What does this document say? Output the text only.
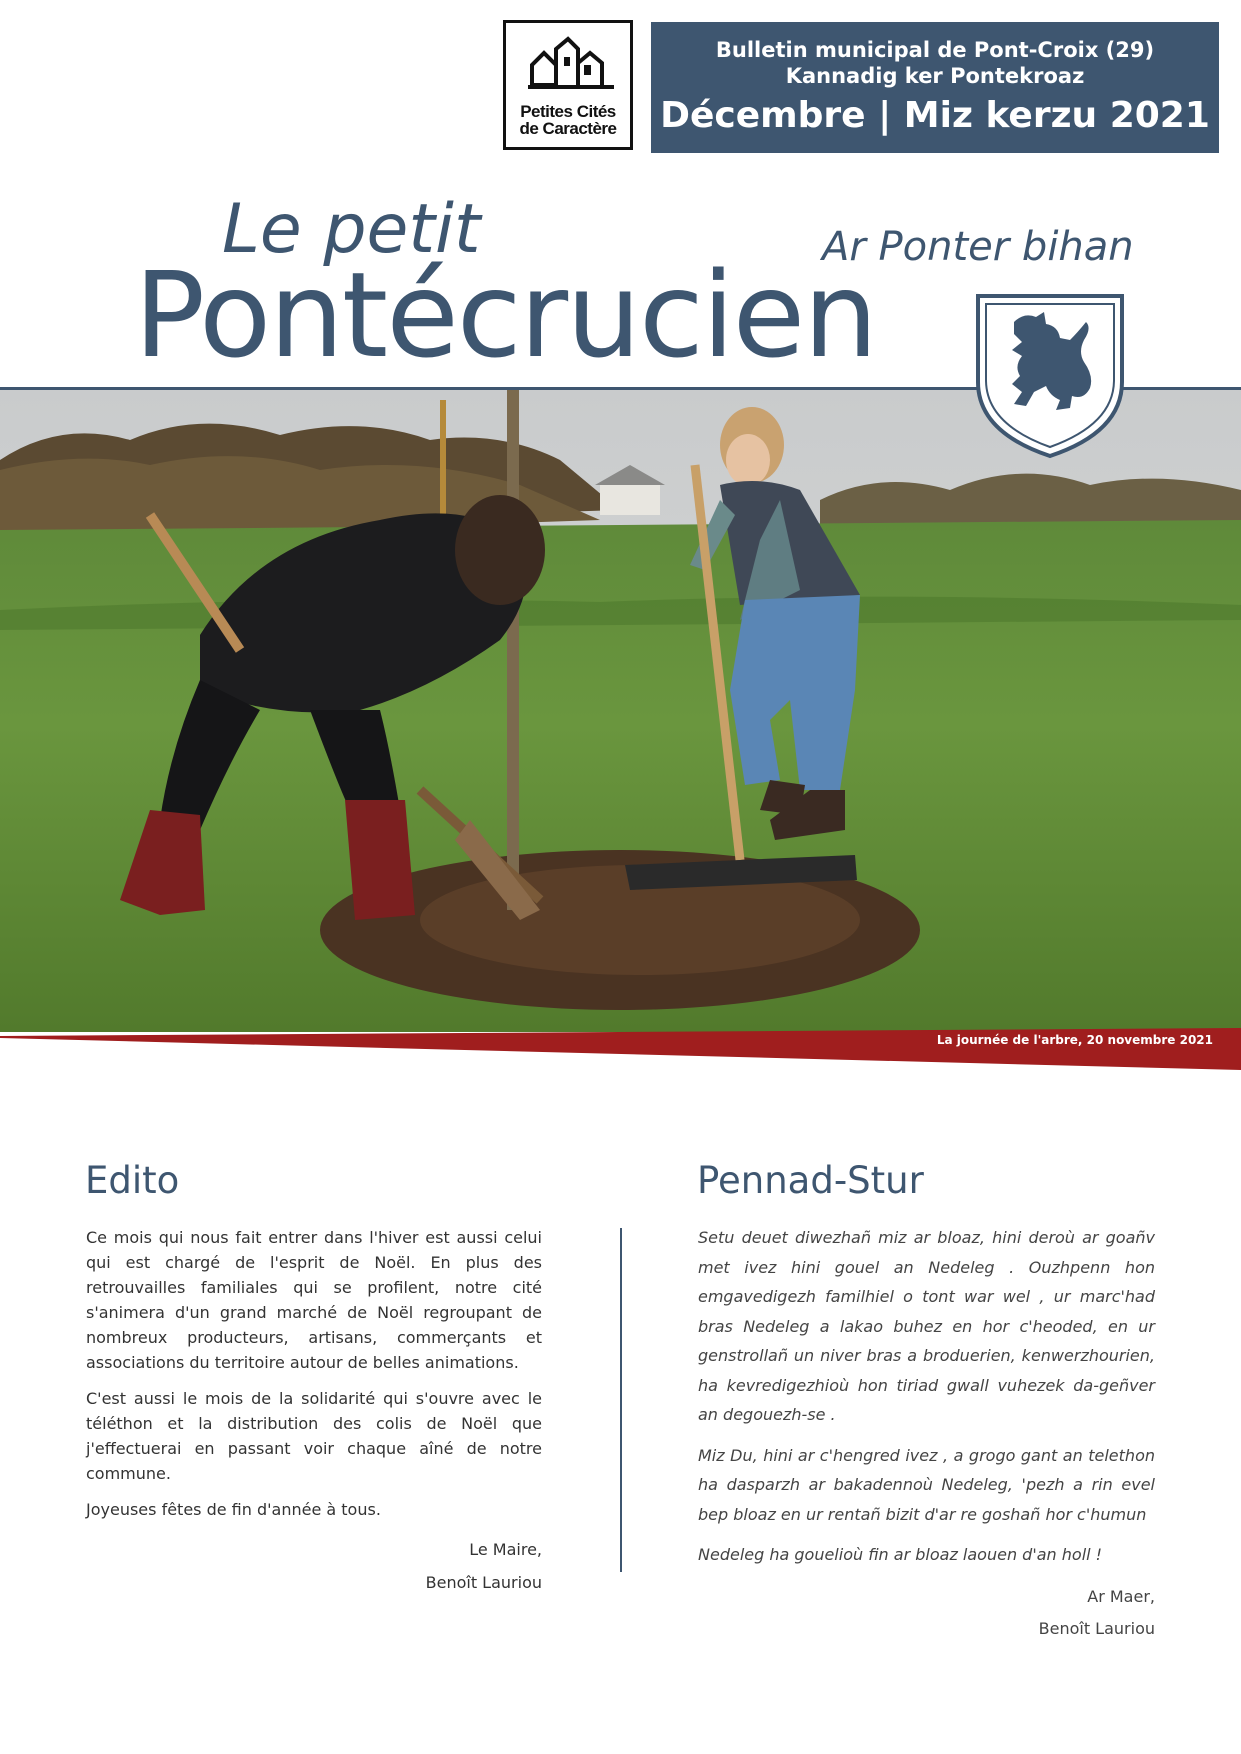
Petites Cités
de Caractère
Bulletin municipal de Pont-Croix (29)
Kannadig ker Pontekroaz
Décembre | Miz kerzu 2021
Le petit	Ar Ponter bihan
Pontécrucien
La journée de l'arbre, 20 novembre 2021
Edito

Ce mois qui nous fait entrer dans l'hiver est aussi celui qui est chargé de l'esprit de Noël. En plus des retrouvailles familiales qui se profilent, notre cité s'animera d'un grand marché de Noël regroupant de nombreux producteurs, artisans, commerçants et associations du territoire autour de belles animations.

C'est aussi le mois de la solidarité qui s'ouvre avec le téléthon et la distribution des colis de Noël que j'effectuerai en passant voir chaque aîné de notre commune.

Joyeuses fêtes de fin d'année à tous.

Le Maire,
Benoît Lauriou
Pennad-Stur

Setu deuet diwezhañ miz ar bloaz, hini deroù ar goañv met ivez hini gouel an Nedeleg . Ouzhpenn hon emgavedigezh familhiel o tont war wel , ur marc'had bras Nedeleg a lakao buhez en hor c'heoded, en ur genstrollañ un niver bras a broduerien, kenwerzhourien, ha kevredigezhioù hon tiriad gwall vuhezek da-geñver an degouezh-se .

Miz Du, hini ar c'hengred ivez , a grogo gant an telethon ha dasparzh ar bakadennoù Nedeleg, 'pezh a rin evel bep bloaz en ur rentañ bizit d'ar re goshañ hor c'humun

Nedeleg ha gouelioù fin ar bloaz laouen d'an holl !

Ar Maer,
Benoît Lauriou
